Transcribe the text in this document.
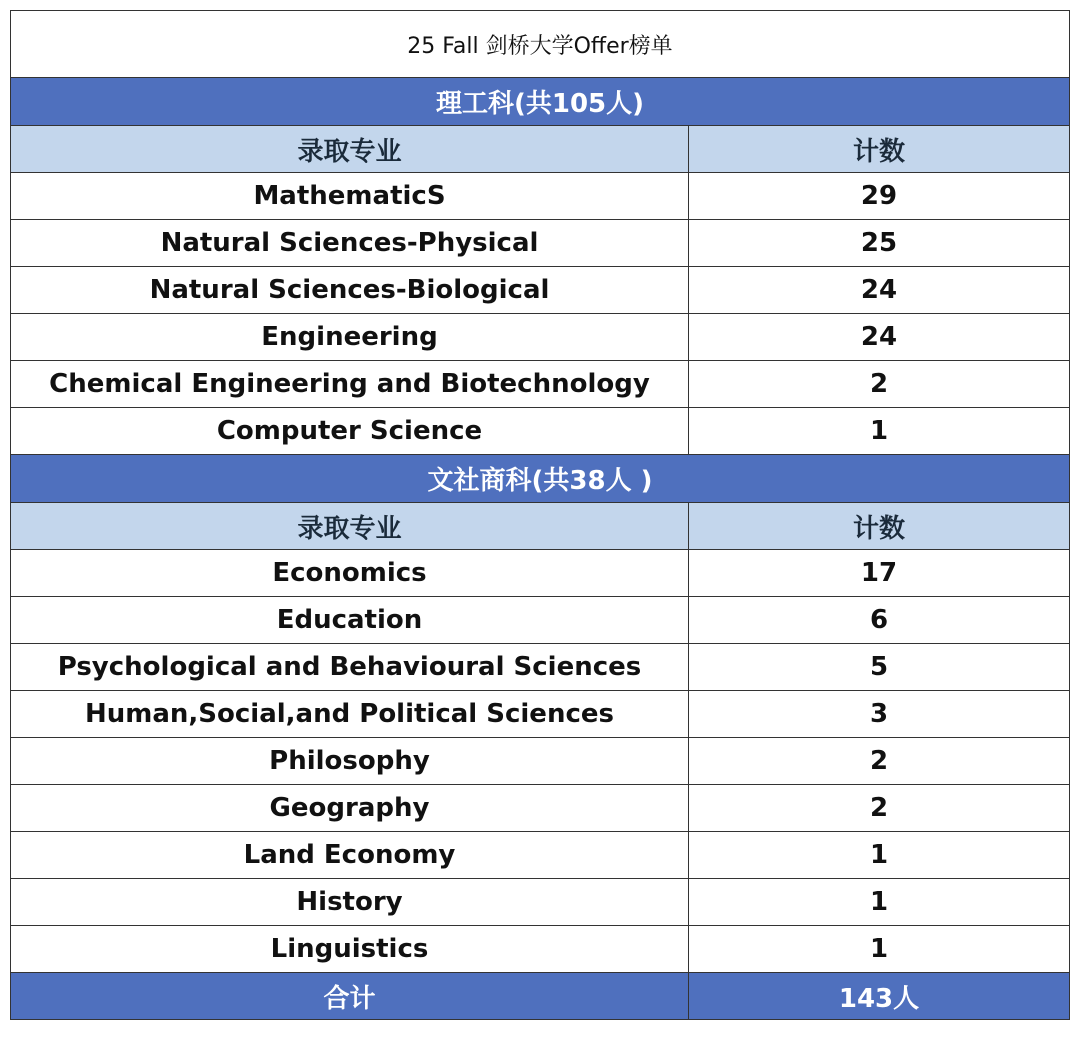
25 Fall 剑桥大学Offer榜单	
理工科(共105人)	
录取专业	计数
MathematicS	29
Natural Sciences-Physical	25
Natural Sciences-Biological	24
Engineering	24
Chemical Engineering and Biotechnology	2
Computer Science	1
文社商科(共38人 )	
录取专业	计数
Economics	17
Education	6
Psychological and Behavioural Sciences	5
Human,Social,and Political Sciences	3
Philosophy	2
Geography	2
Land Economy	1
History	1
Linguistics	1
合计	143人
